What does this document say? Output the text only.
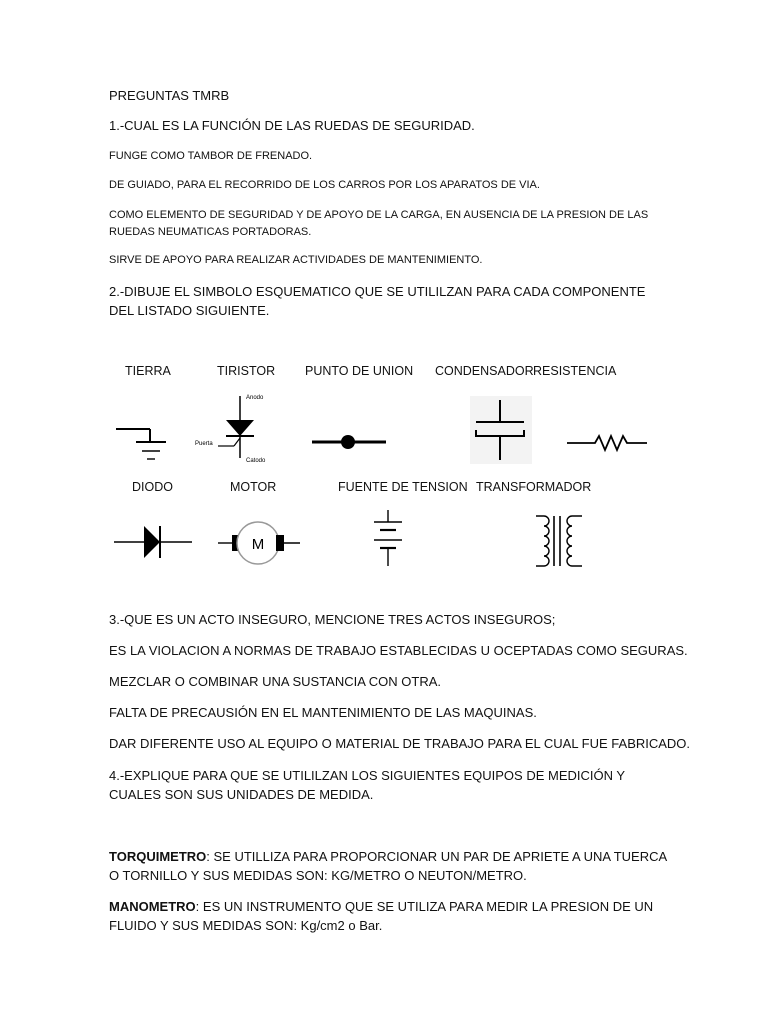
PREGUNTAS TMRB

1.-CUAL ES LA FUNCIÓN DE LAS RUEDAS DE SEGURIDAD.

FUNGE COMO TAMBOR DE FRENADO.

DE GUIADO, PARA EL RECORRIDO DE LOS CARROS POR LOS APARATOS DE VIA.

COMO ELEMENTO DE SEGURIDAD Y DE APOYO DE LA CARGA, EN AUSENCIA DE LA PRESION DE LAS RUEDAS NEUMATICAS PORTADORAS.

SIRVE DE APOYO PARA REALIZAR ACTIVIDADES DE MANTENIMIENTO.

2.-DIBUJE EL SIMBOLO ESQUEMATICO QUE SE UTILILZAN PARA CADA COMPONENTE DEL LISTADO SIGUIENTE.

TIERRA	TIRISTOR PUNTO DE UNION CONDENSADOR RESISTENCIA
Anodo
Puerta
Catodo
DIODO	MOTOR	FUENTE DE TENSION TRANSFORMADOR
M

3.-QUE ES UN ACTO INSEGURO, MENCIONE TRES ACTOS INSEGUROS;

ES LA VIOLACION A NORMAS DE TRABAJO ESTABLECIDAS U OCEPTADAS COMO SEGURAS.

MEZCLAR O COMBINAR UNA SUSTANCIA CON OTRA.

FALTA DE PRECAUSIÓN EN EL MANTENIMIENTO DE LAS MAQUINAS.

DAR DIFERENTE USO AL EQUIPO O MATERIAL DE TRABAJO PARA EL CUAL FUE FABRICADO.

4.-EXPLIQUE PARA QUE SE UTILILZAN LOS SIGUIENTES EQUIPOS DE MEDICIÓN Y CUALES SON SUS UNIDADES DE MEDIDA.

TORQUIMETRO: SE UTILLIZA PARA PROPORCIONAR UN PAR DE APRIETE A UNA TUERCA O TORNILLO Y SUS MEDIDAS SON: KG/METRO O NEUTON/METRO.

MANOMETRO: ES UN INSTRUMENTO QUE SE UTILIZA PARA MEDIR LA PRESION DE UN FLUIDO Y SUS MEDIDAS SON: Kg/cm2 o Bar.
